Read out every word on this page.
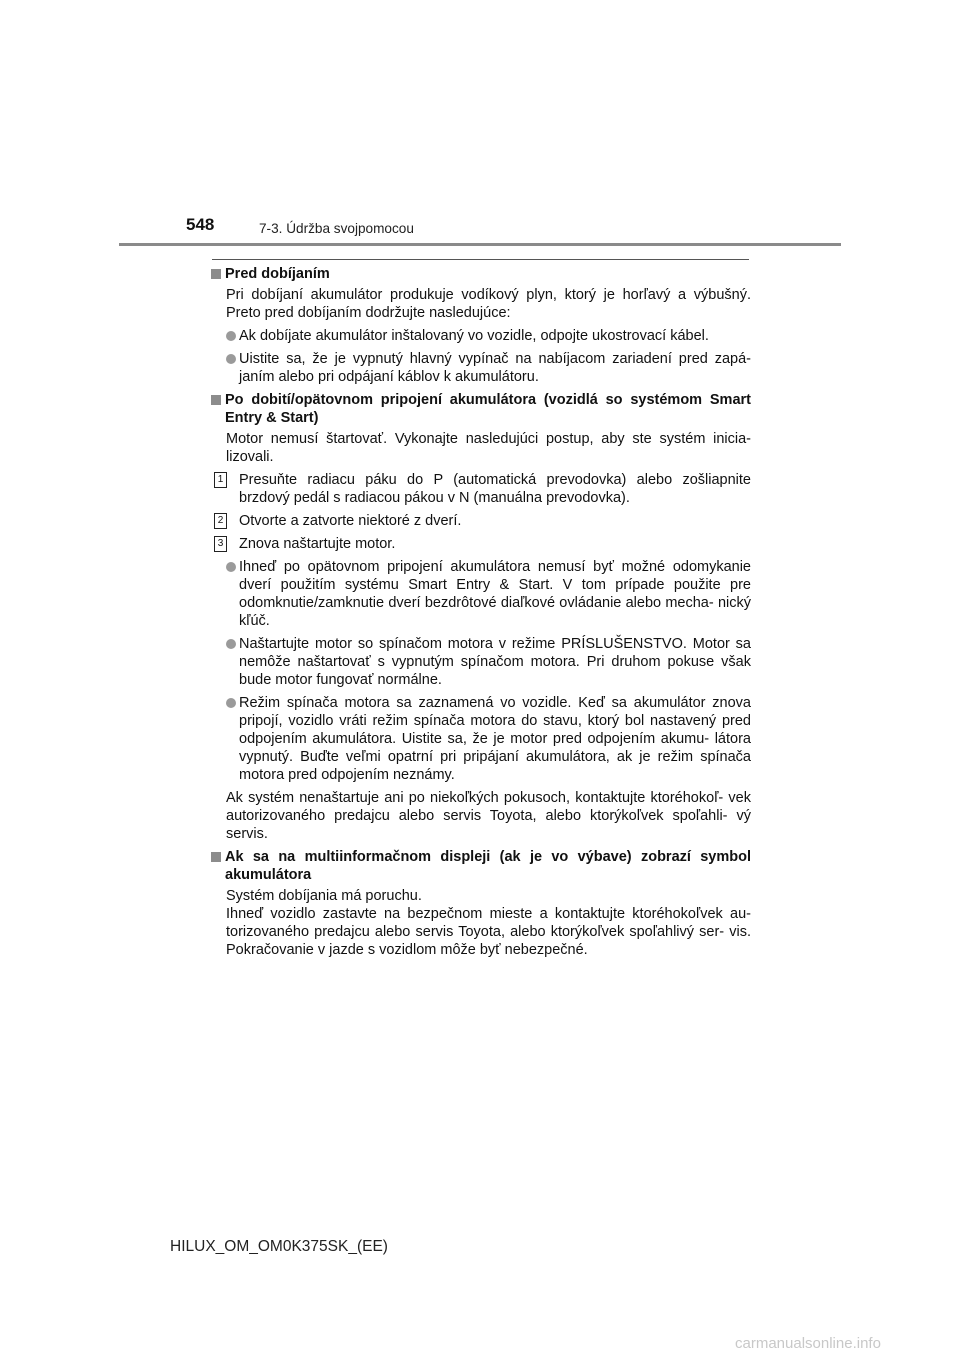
548	7-3. Údržba svojpomocou
Pred dobíjaním
Pri dobíjaní akumulátor produkuje vodíkový plyn, ktorý je horľavý a výbušný. Preto pred dobíjaním dodržujte nasledujúce:
Ak dobíjate akumulátor inštalovaný vo vozidle, odpojte ukostrovací kábel.
Uistite sa, že je vypnutý hlavný vypínač na nabíjacom zariadení pred zapá- janím alebo pri odpájaní káblov k akumulátoru.
Po dobití/opätovnom pripojení akumulátora (vozidlá so systémom Smart Entry & Start)
Motor nemusí štartovať. Vykonajte nasledujúci postup, aby ste systém inicia- lizovali.
1 Presuňte radiacu páku do P (automatická prevodovka) alebo zošliapnite brzdový pedál s radiacou pákou v N (manuálna prevodovka).
2 Otvorte a zatvorte niektoré z dverí.
3 Znova naštartujte motor.
Ihneď po opätovnom pripojení akumulátora nemusí byť možné odomykanie dverí použitím systému Smart Entry & Start. V tom prípade použite pre odomknutie/zamknutie dverí bezdrôtové diaľkové ovládanie alebo mecha- nický kľúč.
Naštartujte motor so spínačom motora v režime PRÍSLUŠENSTVO. Motor sa nemôže naštartovať s vypnutým spínačom motora. Pri druhom pokuse však bude motor fungovať normálne.
Režim spínača motora sa zaznamená vo vozidle. Keď sa akumulátor znova pripojí, vozidlo vráti režim spínača motora do stavu, ktorý bol nastavený pred odpojením akumulátora. Uistite sa, že je motor pred odpojením akumu- látora vypnutý. Buďte veľmi opatrní pri pripájaní akumulátora, ak je režim spínača motora pred odpojením neznámy.
Ak systém nenaštartuje ani po niekoľkých pokusoch, kontaktujte ktoréhokoľ- vek autorizovaného predajcu alebo servis Toyota, alebo ktorýkoľvek spoľahli- vý servis.
Ak sa na multiinformačnom displeji (ak je vo výbave) zobrazí symbol akumulátora
Systém dobíjania má poruchu.
Ihneď vozidlo zastavte na bezpečnom mieste a kontaktujte ktoréhokoľvek au- torizovaného predajcu alebo servis Toyota, alebo ktorýkoľvek spoľahlivý ser- vis. Pokračovanie v jazde s vozidlom môže byť nebezpečné.
HILUX_OM_OM0K375SK_(EE)
carmanualsonline.info
